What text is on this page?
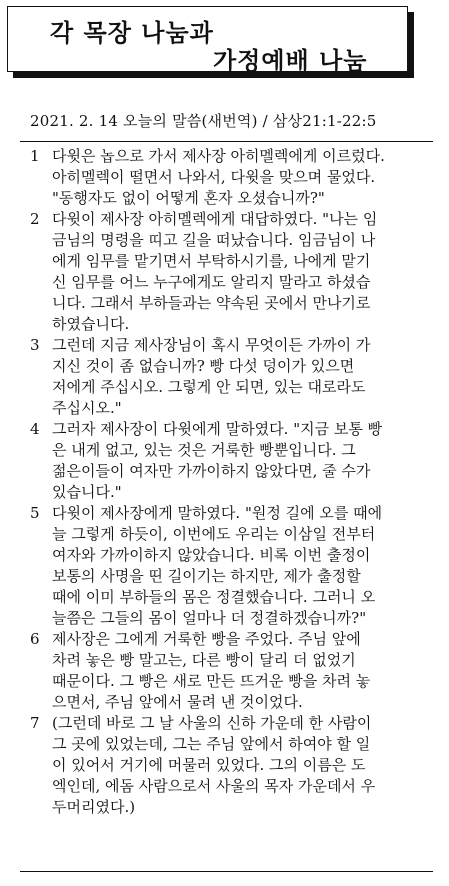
각 목장 나눔과
가정예배 나눔
2021. 2. 14 오늘의 말씀(새번역) / 삼상21:1-22:5
1 다윗은 놉으로 가서 제사장 아히멜렉에게 이르렀다.
아히멜렉이 떨면서 나와서, 다윗을 맞으며 물었다.
"동행자도 없이 어떻게 혼자 오셨습니까?"
2 다윗이 제사장 아히멜렉에게 대답하였다. "나는 임
금님의 명령을 띠고 길을 떠났습니다. 임금님이 나
에게 임무를 맡기면서 부탁하시기를, 나에게 맡기
신 임무를 어느 누구에게도 알리지 말라고 하셨습
니다. 그래서 부하들과는 약속된 곳에서 만나기로
하였습니다.
3 그런데 지금 제사장님이 혹시 무엇이든 가까이 가
지신 것이 좀 없습니까? 빵 다섯 덩이가 있으면
저에게 주십시오. 그렇게 안 되면, 있는 대로라도
주십시오."
4 그러자 제사장이 다윗에게 말하였다. "지금 보통 빵
은 내게 없고, 있는 것은 거룩한 빵뿐입니다. 그
젊은이들이 여자만 가까이하지 않았다면, 줄 수가
있습니다."
5 다윗이 제사장에게 말하였다. "원정 길에 오를 때에
늘 그렇게 하듯이, 이번에도 우리는 이삼일 전부터
여자와 가까이하지 않았습니다. 비록 이번 출정이
보통의 사명을 띤 길이기는 하지만, 제가 출정할
때에 이미 부하들의 몸은 정결했습니다. 그러니 오
늘쯤은 그들의 몸이 얼마나 더 정결하겠습니까?"
6 제사장은 그에게 거룩한 빵을 주었다. 주님 앞에
차려 놓은 빵 말고는, 다른 빵이 달리 더 없었기
때문이다. 그 빵은 새로 만든 뜨거운 빵을 차려 놓
으면서, 주님 앞에서 물려 낸 것이었다.
7 (그런데 바로 그 날 사울의 신하 가운데 한 사람이
그 곳에 있었는데, 그는 주님 앞에서 하여야 할 일
이 있어서 거기에 머물러 있었다. 그의 이름은 도
엑인데, 에돔 사람으로서 사울의 목자 가운데서 우
두머리였다.)
